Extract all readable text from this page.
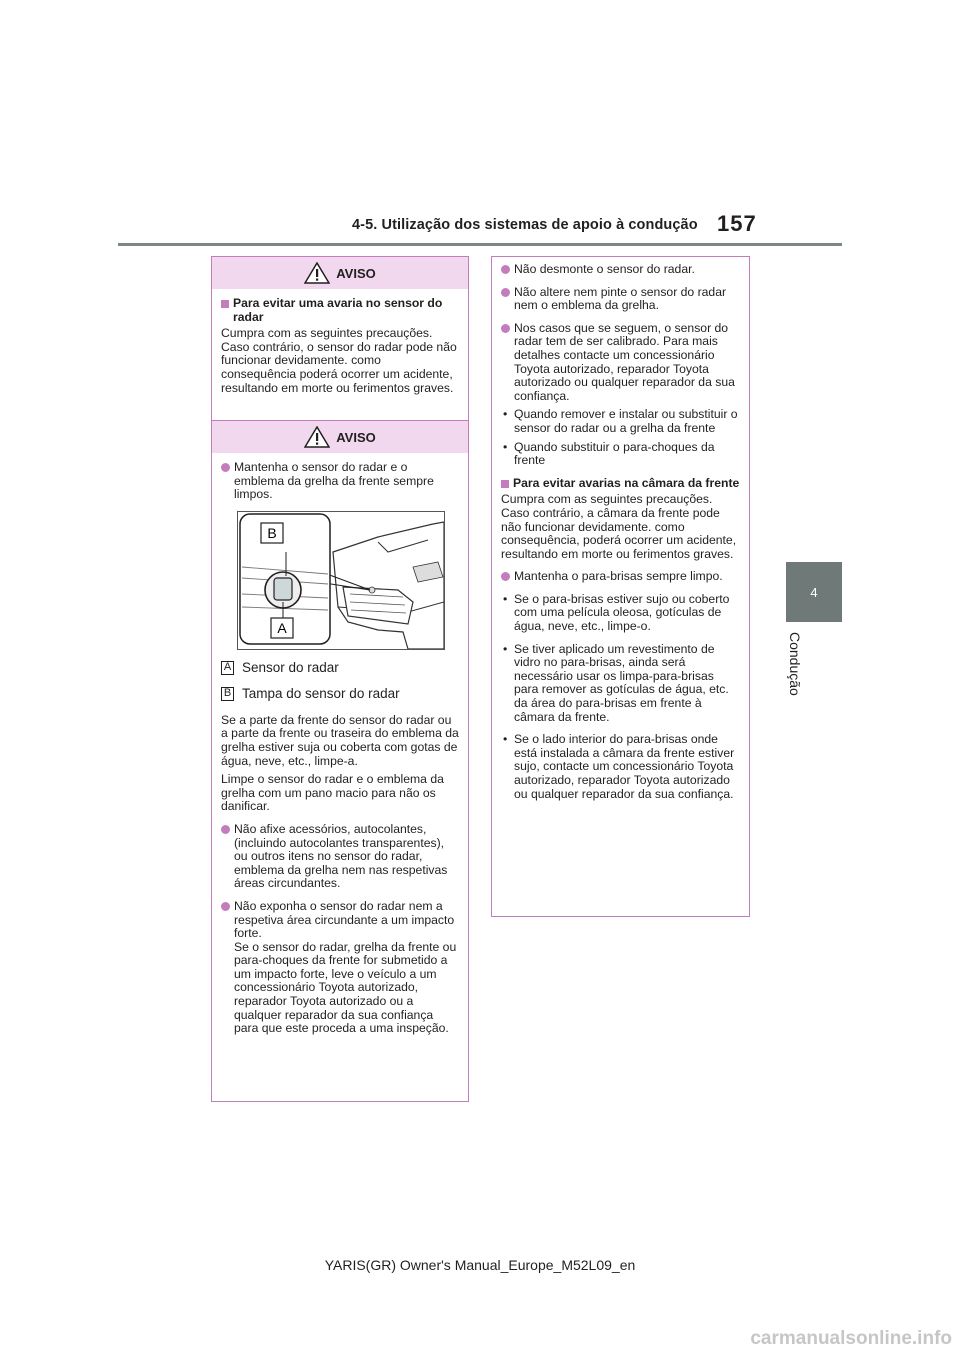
4-5. Utilização dos sistemas de apoio à condução 157
4
Condução
AVISO
Para evitar uma avaria no sensor do radar
Cumpra com as seguintes precauções. Caso contrário, o sensor do radar pode não funcionar devidamente. como consequência poderá ocorrer um acidente, resultando em morte ou ferimentos graves.
AVISO
Mantenha o sensor do radar e o emblema da grelha da frente sempre limpos.
B
A
A Sensor do radar
B Tampa do sensor do radar
Se a parte da frente do sensor do radar ou a parte da frente ou traseira do emblema da grelha estiver suja ou coberta com gotas de água, neve, etc., limpe-a.
Limpe o sensor do radar e o emblema da grelha com um pano macio para não os danificar.
Não afixe acessórios, autocolantes, (incluindo autocolantes transparentes), ou outros itens no sensor do radar, emblema da grelha nem nas respetivas áreas circundantes.
Não exponha o sensor do radar nem a respetiva área circundante a um impacto forte.
Se o sensor do radar, grelha da frente ou para-choques da frente for submetido a um impacto forte, leve o veículo a um concessionário Toyota autorizado, reparador Toyota autorizado ou a qualquer reparador da sua confiança para que este proceda a uma inspeção.
Não desmonte o sensor do radar.
Não altere nem pinte o sensor do radar nem o emblema da grelha.
Nos casos que se seguem, o sensor do radar tem de ser calibrado. Para mais detalhes contacte um concessionário Toyota autorizado, reparador Toyota autorizado ou qualquer reparador da sua confiança.
• Quando remover e instalar ou substituir o sensor do radar ou a grelha da frente
• Quando substituir o para-choques da frente
Para evitar avarias na câmara da frente
Cumpra com as seguintes precauções. Caso contrário, a câmara da frente pode não funcionar devidamente. como consequência, poderá ocorrer um acidente, resultando em morte ou ferimentos graves.
Mantenha o para-brisas sempre limpo.
• Se o para-brisas estiver sujo ou coberto com uma película oleosa, gotículas de água, neve, etc., limpe-o.
• Se tiver aplicado um revestimento de vidro no para-brisas, ainda será necessário usar os limpa-para-brisas para remover as gotículas de água, etc. da área do para-brisas em frente à câmara da frente.
• Se o lado interior do para-brisas onde está instalada a câmara da frente estiver sujo, contacte um concessionário Toyota autorizado, reparador Toyota autorizado ou qualquer reparador da sua confiança.
YARIS(GR) Owner's Manual_Europe_M52L09_en
carmanualsonline.info
